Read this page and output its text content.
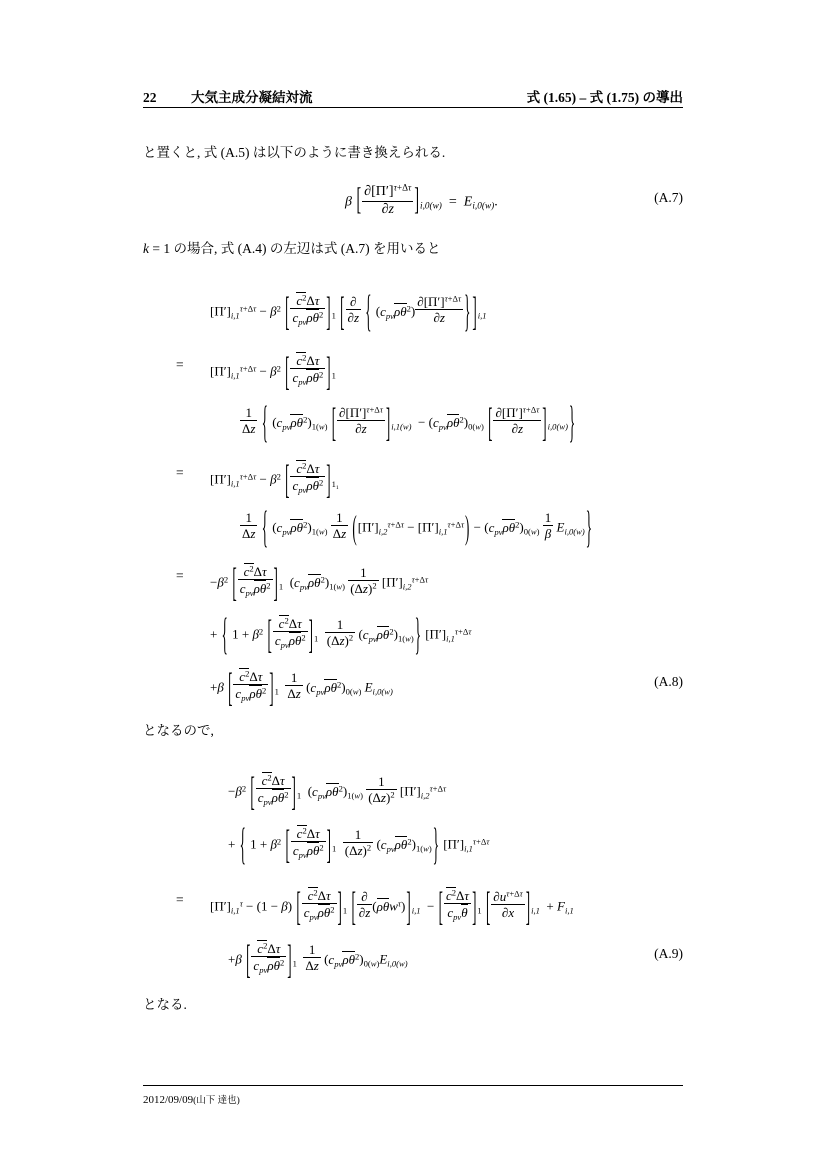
22	大気主成分凝結対流	式 (1.65) – 式 (1.75) の導出
と置くと, 式 (A.5) は以下のように書き換えられる.
β [ $\frac{\partial[\Pi']^{\tau+\Delta\tau}}{\partial z} ]_{i,0(w)} = E_{i,0(w)}$.	(A.7)
k = 1 の場合, 式 (A.4) の左辺は式 (A.7) を用いると
$[\Pi']_{i,1}^{\tau+\Delta\tau} - \beta^2$ [ $\frac{c^2\Delta\tau}{c_{pv}\rho\theta^2} ]_1$ [ $\frac{\partial}{\partial z}$ { $(c_{pv}\rho\theta^2) \frac{\partial[\Pi']^{\tau+\Delta\tau}}{\partial z}$ } ]$_{i,1}$
= $[\Pi']_{i,1}^{\tau+\Delta\tau} - \beta^2$ [ $\frac{c^2\Delta\tau}{c_{pv}\rho\theta^2} ]_1$
$\frac{1}{\Delta z}$ { $(c_{pv}\rho\theta^2)_{1(w)}$ [ $\frac{\partial[\Pi']^{\tau+\Delta\tau}}{\partial z} ]_{i,1(w)} - (c_{pv}\rho\theta^2)_{0(w)}$ [ $\frac{\partial[\Pi']^{\tau+\Delta\tau}}{\partial z} ]_{i,0(w)}$}
= $[\Pi']_{i,1}^{\tau+\Delta\tau} - \beta^2$ [ $\frac{c^2\Delta\tau}{c_{pv}\rho\theta^2} ]_{1_1}$
$\frac{1}{\Delta z}$ { $(c_{pv}\rho\theta^2)_{1(w)} \frac{1}{\Delta z} ([\Pi']_{i,2}^{\tau+\Delta\tau} - [\Pi']_{i,1}^{\tau+\Delta\tau}) - (c_{pv}\rho\theta^2)_{0(w)} \frac{1}{\beta} E_{i,0(w)}$}
= $-\beta^2$ [ $\frac{c^2\Delta\tau}{c_{pv}\rho\theta^2} ]_1$  $(c_{pv}\rho\theta^2)_{1(w)} \frac{1}{(\Delta z)^2} [\Pi']_{i,2}^{\tau+\Delta\tau}$
+ { $1 + \beta^2$ [ $\frac{c^2\Delta\tau}{c_{pv}\rho\theta^2} ]_1 \frac{1}{(\Delta z)^2} (c_{pv}\rho\theta^2)_{1(w)}$} $[\Pi']_{i,1}^{\tau+\Delta\tau}$
+β [ $\frac{c^2\Delta\tau}{c_{pv}\rho\theta^2} ]_1 \frac{1}{\Delta z} (c_{pv}\rho\theta^2)_{0(w)}$ $E_{i,0(w)}$
(A.8)
となるので,
$-\beta^2$ [ $\frac{c^2\Delta\tau}{c_{pv}\rho\theta^2} ]_1$  $(c_{pv}\rho\theta^2)_{1(w)} \frac{1}{(\Delta z)^2} [\Pi']_{i,2}^{\tau+\Delta\tau}$
+ { $1 + \beta^2$ [ $\frac{c^2\Delta\tau}{c_{pv}\rho\theta^2} ]_1 \frac{1}{(\Delta z)^2} (c_{pv}\rho\theta^2)_{1(w)}$} $[\Pi']_{i,1}^{\tau+\Delta\tau}$
= $[\Pi']_{i,1}^\tau - (1 - \beta)$ [ $\frac{c^2\Delta\tau}{c_{pv}\rho\theta^2} ]_1$ [ $\frac{\partial}{\partial z} (\rho\theta w^\tau)]_{i,1}$  − [ $\frac{c^2\Delta\tau}{c_{pv}\theta} ]_1$ [ $\frac{\partial u^{\tau+\Delta\tau}}{\partial x} ]_{i,1} + F_{i,1}$
+β [ $\frac{c^2\Delta\tau}{c_{pv}\rho\theta^2} ]_1 \frac{1}{\Delta z} (c_{pv}\rho\theta^2)_{0(w)}E_{i,0(w)}$
(A.9)
となる.
2012/09/09(山下 達也)
